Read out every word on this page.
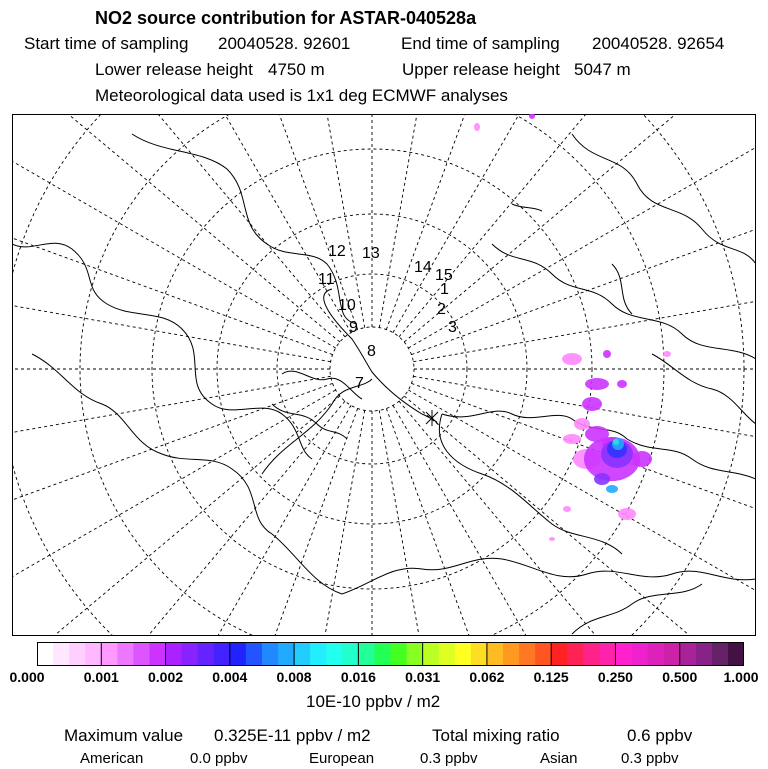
NO2 source contribution for ASTAR-040528a
Start time of sampling 20040528. 92601	End time of sampling 20040528. 92654
Lower release height 4750 m	Upper release height 5047 m
Meteorological data used is 1x1 deg ECMWF analyses
12 13
14 15
11
10
9
8
7
1
2
3
0.000	0.001 0.002 0.004 0.008 0.016 0.031 0.062 0.125 0.250 0.500 1.000
10E-10 ppbv / m2
Maximum value 0.325E-11 ppbv / m2	Total mixing ratio	0.6 ppbv
American	0.0 ppbv	European	0.3 ppbv	Asian	0.3 ppbv
